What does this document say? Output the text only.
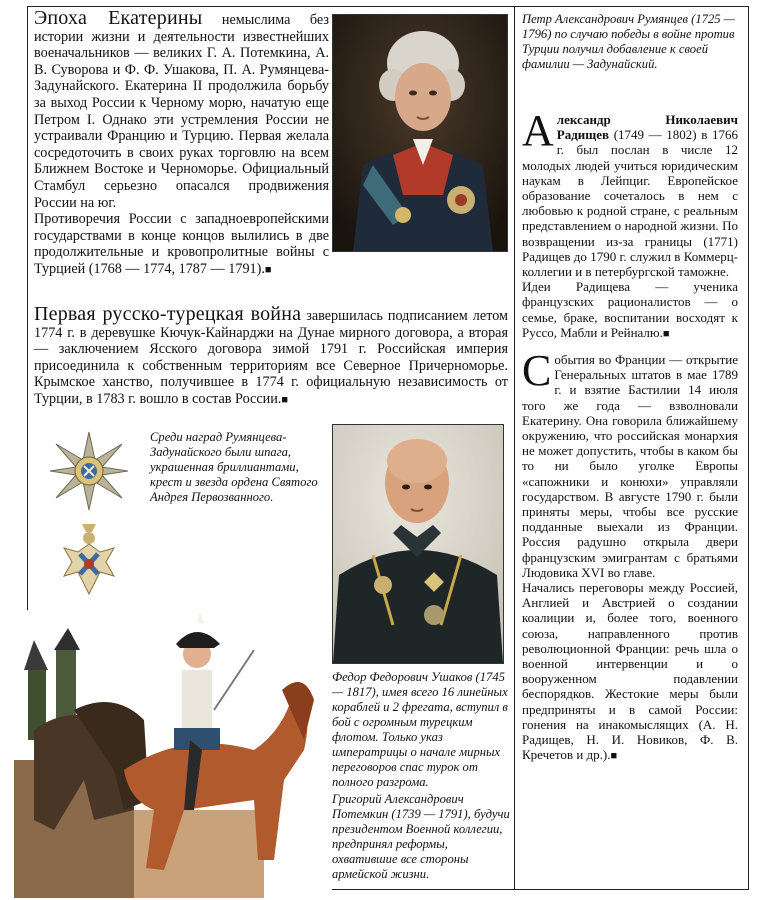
Эпоха Екатерины немыслима без истории жизни и деятельности известнейших военачальников — великих Г. А. Потемкина, А. В. Суворова и Ф. Ф. Ушакова, П. А. Румянцева-Задунайского. Екатерина II продолжила борьбу за выход России к Черному морю, начатую еще Петром I. Однако эти устремления России не устраивали Францию и Турцию. Первая желала сосредоточить в своих руках торговлю на всем Ближнем Востоке и Черноморье. Официальный Стамбул серьезно опасался продвижения России на юг.

Противоречия России с западноевропейскими государствами в конце концов вылились в две продолжительные и кровопролитные войны с Турцией (1768 — 1774, 1787 — 1791).■

Петр Александрович Румянцев (1725 — 1796) по случаю победы в войне против Турции получил добавление к своей фамилии — Задунайский.

Александр Николаевич Радищев (1749 — 1802) в 1766 г. был послан в числе 12 молодых людей учиться юридическим наукам в Лейпциг. Европейское образование сочеталось в нем с любовью к родной стране, с реальным представлением о народной жизни. По возвращении из-за границы (1771) Радищев до 1790 г. служил в Коммерц-коллегии и в петербургской таможне.

Идеи Радищева — ученика французских рационалистов — о семье, браке, воспитании восходят к Руссо, Мабли и Рейналю.■

Первая русско-турецкая война завершилась подписанием летом 1774 г. в деревушке Кючук-Кайнарджи на Дунае мирного договора, а вторая — заключением Ясского договора зимой 1791 г. Российская империя присоединила к собственным территориям все Северное Причерноморье. Крымское ханство, получившее в 1774 г. официальную независимость от Турции, в 1783 г. вошло в состав России.■

События во Франции — открытие Генеральных штатов в мае 1789 г. и взятие Бастилии 14 июля того же года — взволновали Екатерину. Она говорила ближайшему окружению, что российская монархия не может допустить, чтобы в каком бы то ни было уголке Европы «сапожники и конюхи» управляли государством. В августе 1790 г. были приняты меры, чтобы все русские подданные выехали из Франции. Россия радушно открыла двери французским эмигрантам с братьями Людовика XVI во главе.

Начались переговоры между Россией, Англией и Австрией о создании коалиции и, более того, военного союза, направленного против революционной Франции: речь шла о военной интервенции и о вооруженном подавлении беспорядков. Жестокие меры были предприняты и в самой России: гонения на инакомыслящих (А. Н. Радищев, Н. И. Новиков, Ф. В. Кречетов и др.).■

Среди наград Румянцева-Задунайского были шпага, украшенная бриллиантами, крест и звезда ордена Святого Андрея Первозванного.

Федор Федорович Ушаков (1745 — 1817), имея всего 16 линейных кораблей и 2 фрегата, вступил в бой с огромным турецким флотом. Только указ императрицы о начале мирных переговоров спас турок от полного разгрома.

Григорий Александрович Потемкин (1739 — 1791), будучи президентом Военной коллегии, предпринял реформы, охватившие все стороны армейской жизни.
